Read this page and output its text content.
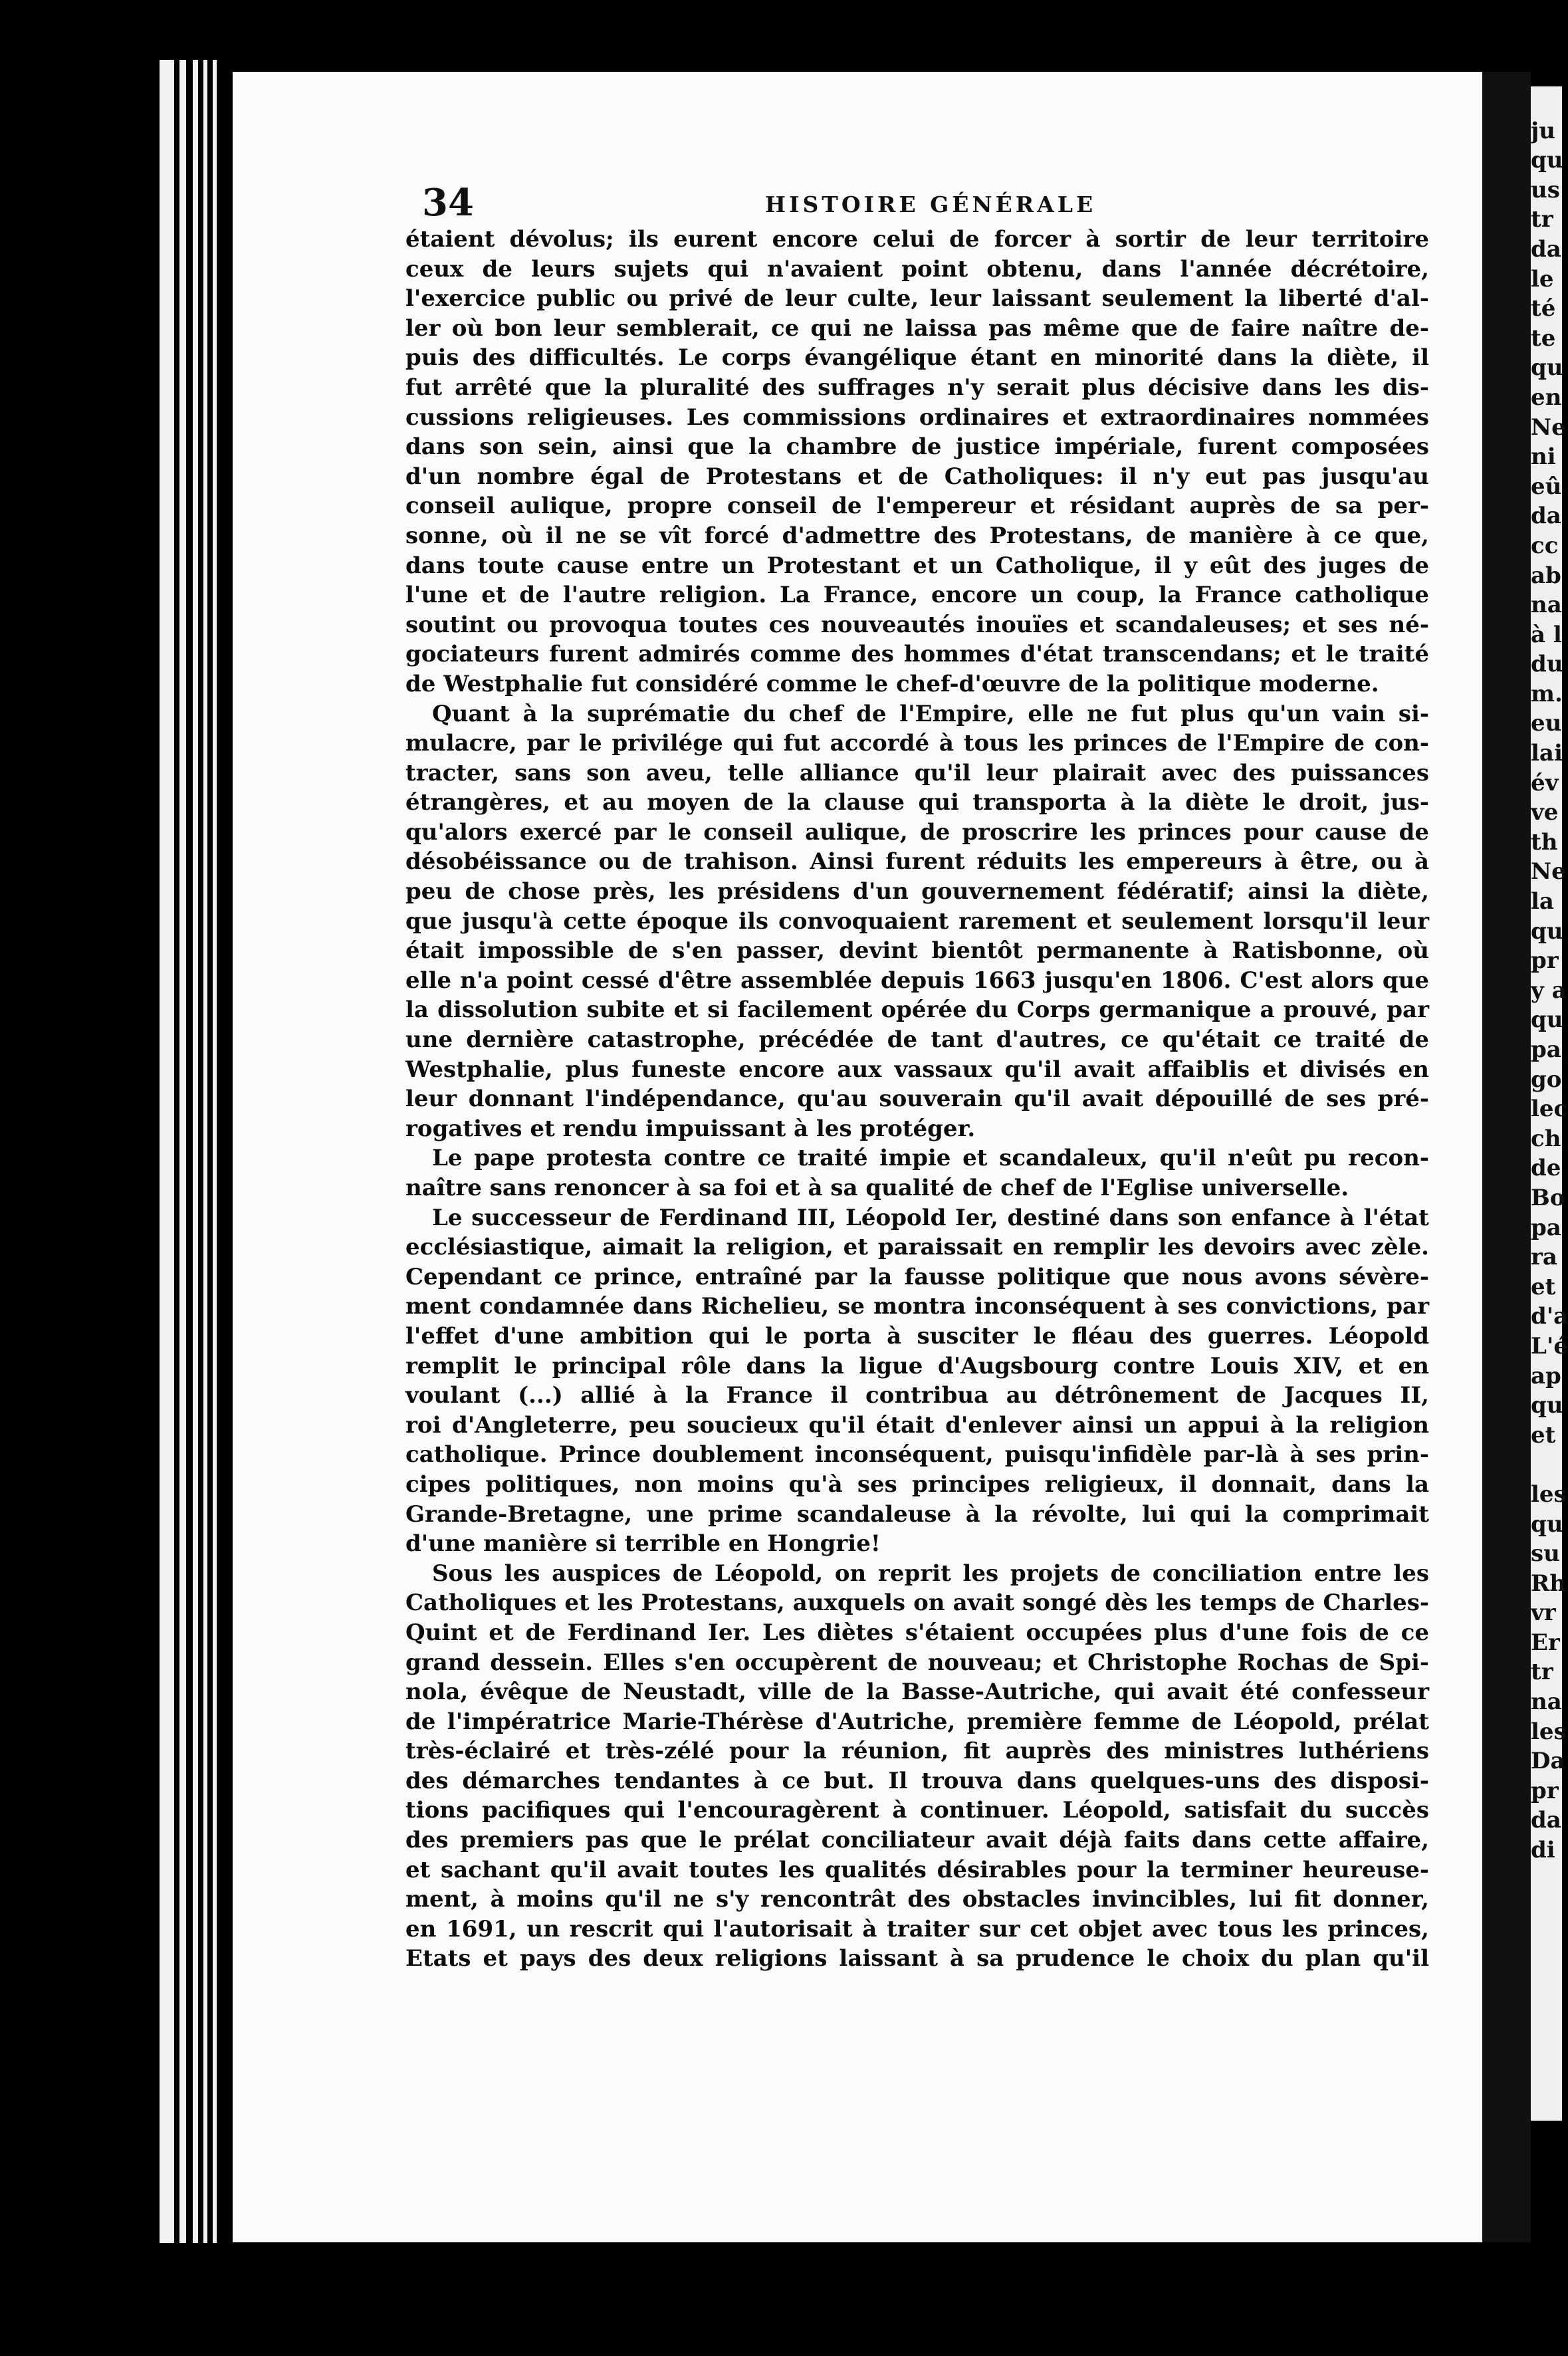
34	HISTOIRE GÉNÉRALE
étaient dévolus; ils eurent encore celui de forcer à sortir de leur territoire
ceux de leurs sujets qui n'avaient point obtenu, dans l'année décrétoire,
l'exercice public ou privé de leur culte, leur laissant seulement la liberté d'al-
ler où bon leur semblerait, ce qui ne laissa pas même que de faire naître de-
puis des difficultés. Le corps évangélique étant en minorité dans la diète, il
fut arrêté que la pluralité des suffrages n'y serait plus décisive dans les dis-
cussions religieuses. Les commissions ordinaires et extraordinaires nommées
dans son sein, ainsi que la chambre de justice impériale, furent composées
d'un nombre égal de Protestans et de Catholiques: il n'y eut pas jusqu'au
conseil aulique, propre conseil de l'empereur et résidant auprès de sa per-
sonne, où il ne se vît forcé d'admettre des Protestans, de manière à ce que,
dans toute cause entre un Protestant et un Catholique, il y eût des juges de
l'une et de l'autre religion. La France, encore un coup, la France catholique
soutint ou provoqua toutes ces nouveautés inouïes et scandaleuses; et ses né-
gociateurs furent admirés comme des hommes d'état transcendans; et le traité
de Westphalie fut considéré comme le chef-d'œuvre de la politique moderne.
Quant à la suprématie du chef de l'Empire, elle ne fut plus qu'un vain si-
mulacre, par le privilége qui fut accordé à tous les princes de l'Empire de con-
tracter, sans son aveu, telle alliance qu'il leur plairait avec des puissances
étrangères, et au moyen de la clause qui transporta à la diète le droit, jus-
qu'alors exercé par le conseil aulique, de proscrire les princes pour cause de
désobéissance ou de trahison. Ainsi furent réduits les empereurs à être, ou à
peu de chose près, les présidens d'un gouvernement fédératif; ainsi la diète,
que jusqu'à cette époque ils convoquaient rarement et seulement lorsqu'il leur
était impossible de s'en passer, devint bientôt permanente à Ratisbonne, où
elle n'a point cessé d'être assemblée depuis 1663 jusqu'en 1806. C'est alors que
la dissolution subite et si facilement opérée du Corps germanique a prouvé, par
une dernière catastrophe, précédée de tant d'autres, ce qu'était ce traité de
Westphalie, plus funeste encore aux vassaux qu'il avait affaiblis et divisés en
leur donnant l'indépendance, qu'au souverain qu'il avait dépouillé de ses pré-
rogatives et rendu impuissant à les protéger.
Le pape protesta contre ce traité impie et scandaleux, qu'il n'eût pu recon-
naître sans renoncer à sa foi et à sa qualité de chef de l'Eglise universelle.
Le successeur de Ferdinand III, Léopold Ier, destiné dans son enfance à l'état
ecclésiastique, aimait la religion, et paraissait en remplir les devoirs avec zèle.
Cependant ce prince, entraîné par la fausse politique que nous avons sévère-
ment condamnée dans Richelieu, se montra inconséquent à ses convictions, par
l'effet d'une ambition qui le porta à susciter le fléau des guerres. Léopold
remplit le principal rôle dans la ligue d'Augsbourg contre Louis XIV, et en
voulant (...) allié à la France il contribua au détrônement de Jacques II,
roi d'Angleterre, peu soucieux qu'il était d'enlever ainsi un appui à la religion
catholique. Prince doublement inconséquent, puisqu'infidèle par-là à ses prin-
cipes politiques, non moins qu'à ses principes religieux, il donnait, dans la
Grande-Bretagne, une prime scandaleuse à la révolte, lui qui la comprimait
d'une manière si terrible en Hongrie!
Sous les auspices de Léopold, on reprit les projets de conciliation entre les
Catholiques et les Protestans, auxquels on avait songé dès les temps de Charles-
Quint et de Ferdinand Ier. Les diètes s'étaient occupées plus d'une fois de ce
grand dessein. Elles s'en occupèrent de nouveau; et Christophe Rochas de Spi-
nola, évêque de Neustadt, ville de la Basse-Autriche, qui avait été confesseur
de l'impératrice Marie-Thérèse d'Autriche, première femme de Léopold, prélat
très-éclairé et très-zélé pour la réunion, fit auprès des ministres luthériens
des démarches tendantes à ce but. Il trouva dans quelques-uns des disposi-
tions pacifiques qui l'encouragèrent à continuer. Léopold, satisfait du succès
des premiers pas que le prélat conciliateur avait déjà faits dans cette affaire,
et sachant qu'il avait toutes les qualités désirables pour la terminer heureuse-
ment, à moins qu'il ne s'y rencontrât des obstacles invincibles, lui fit donner,
en 1691, un rescrit qui l'autorisait à traiter sur cet objet avec tous les princes,
Etats et pays des deux religions laissant à sa prudence le choix du plan qu'il
ju
qu
us
tr
da
le
té
te
qu
en
Ne
ni
eû
da
cc
ab
na
à l
du
m.
eu
lai
év
ve
th
Ne
la
qu
pr
y a
qu
pa
go
lec
ch
de
Bo
pa
ra
et
d'a
L'é
ap
qu
et
les
qu
su
Rh
vr
Er
tr
na
les
Da
pr
da
di
